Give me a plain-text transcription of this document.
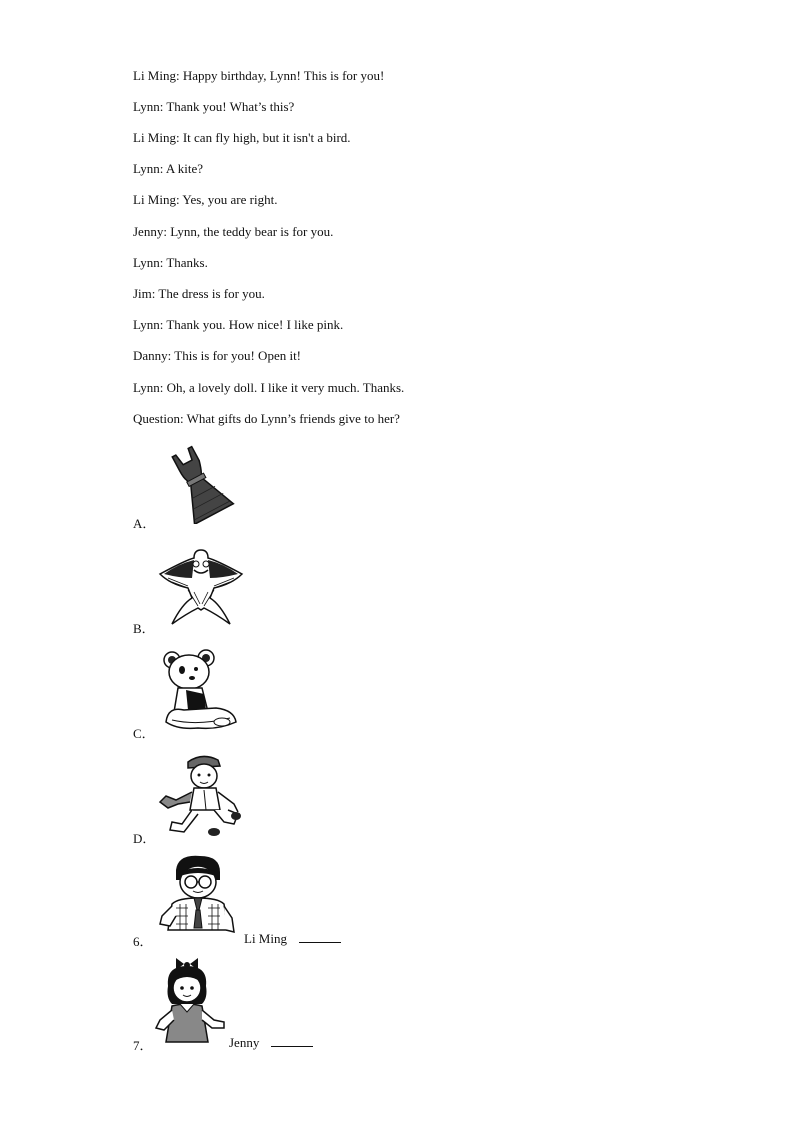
Li Ming: Happy birthday, Lynn! This is for you!
Lynn: Thank you! What’s this?
Li Ming: It can fly high, but it isn't a bird.
Lynn: A kite?
Li Ming: Yes, you are right.
Jenny: Lynn, the teddy bear is for you.
Lynn: Thanks.
Jim: The dress is for you.
Lynn: Thank you. How nice! I like pink.
Danny: This is for you! Open it!
Lynn: Oh, a lovely doll. I like it very much. Thanks.
Question: What gifts do Lynn’s friends give to her?
A．
B．
C．
D．
6．	Li Ming
7．	Jenny
